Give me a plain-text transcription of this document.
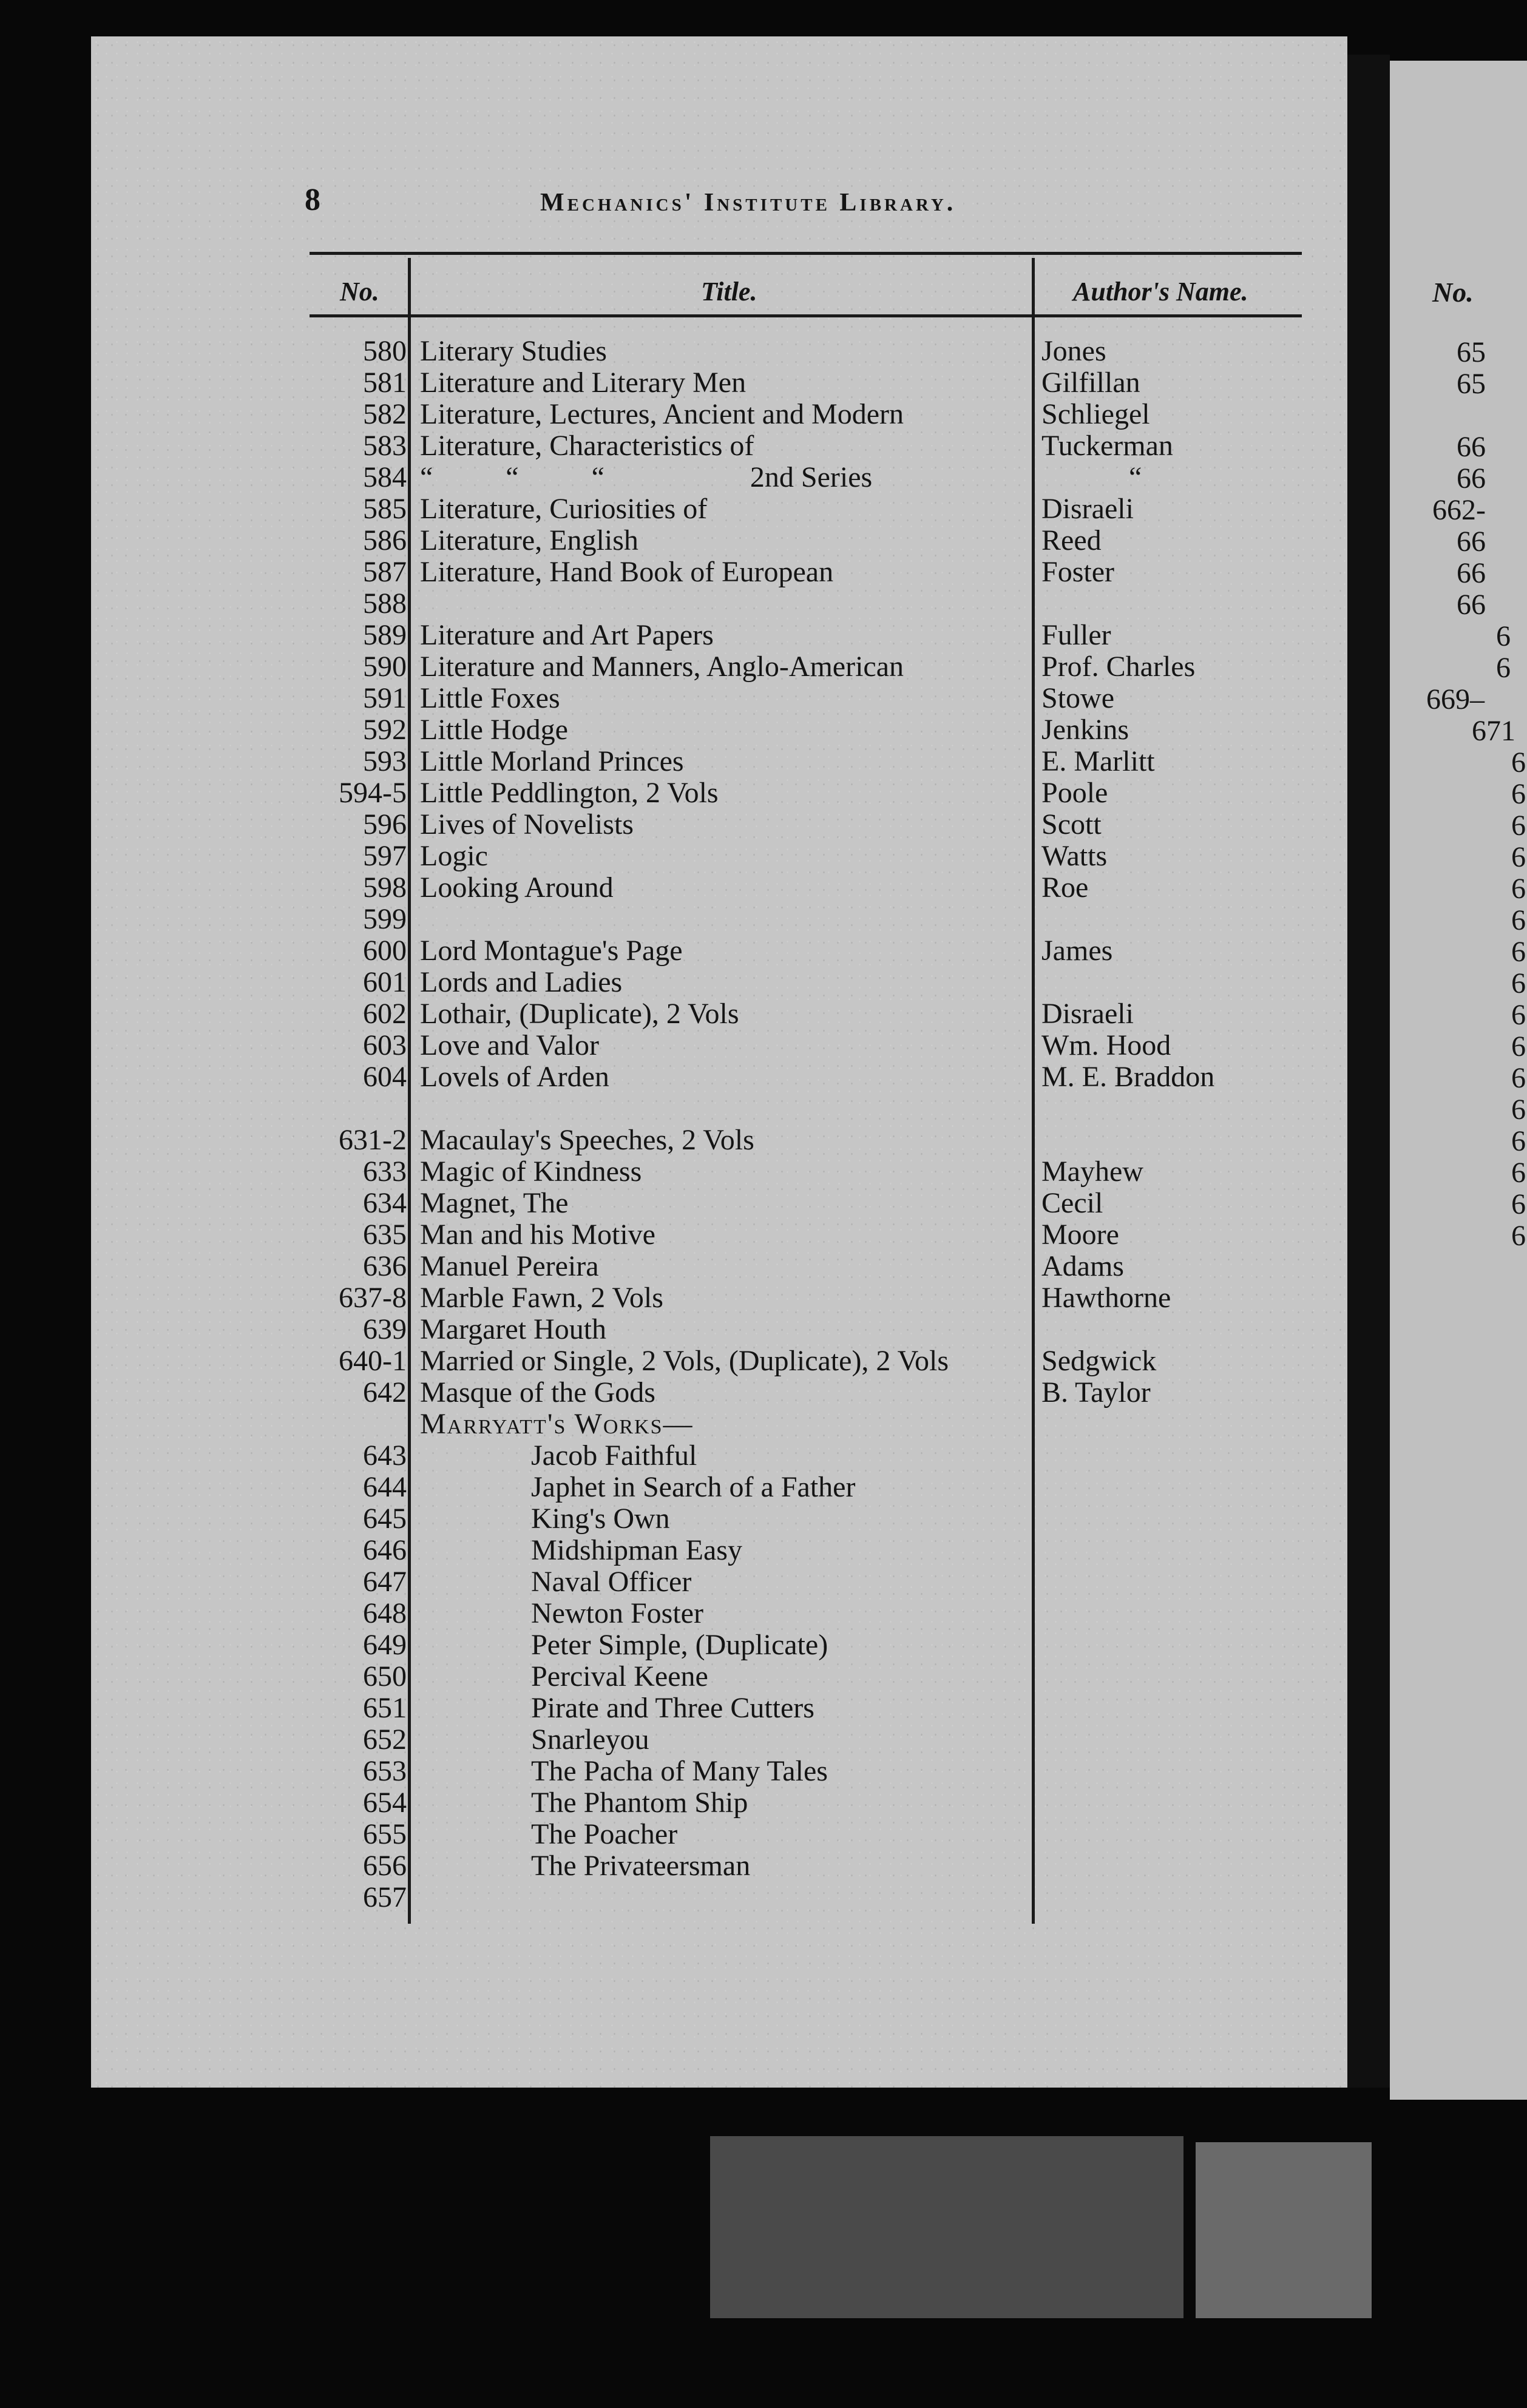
8	Mechanics' Institute Library.
No.	Title.	Author's Name.
580 Literary Studies	Jones
581 Literature and Literary Men	Gilfillan
582 Literature, Lectures, Ancient and Modern	Schliegel
583 Literature, Characteristics of	Tuckerman
584 “          “          “                    2nd Series	“
585 Literature, Curiosities of	Disraeli
586 Literature, English	Reed
587 Literature, Hand Book of European	Foster
588
589 Literature and Art Papers	Fuller
590 Literature and Manners, Anglo-American	Prof. Charles
591 Little Foxes	Stowe
592 Little Hodge	Jenkins
593 Little Morland Princes	E. Marlitt
594-5 Little Peddlington, 2 Vols	Poole
596 Lives of Novelists	Scott
597 Logic	Watts
598 Looking Around	Roe
599
600 Lord Montague's Page	James
601 Lords and Ladies
602 Lothair, (Duplicate), 2 Vols	Disraeli
603 Love and Valor	Wm. Hood
604 Lovels of Arden	M. E. Braddon
631-2 Macaulay's Speeches, 2 Vols
633 Magic of Kindness	Mayhew
634 Magnet, The	Cecil
635 Man and his Motive	Moore
636 Manuel Pereira	Adams
637-8 Marble Fawn, 2 Vols	Hawthorne
639 Margaret Houth
640-1 Married or Single, 2 Vols, (Duplicate), 2 Vols	Sedgwick
642 Masque of the Gods	B. Taylor
Marryatt's Works—
643	Jacob Faithful
644	Japhet in Search of a Father
645	King's Own
646	Midshipman Easy
647	Naval Officer
648	Newton Foster
649	Peter Simple, (Duplicate)
650	Percival Keene
651	Pirate and Three Cutters
652	Snarleyou
653	The Pacha of Many Tales
654	The Phantom Ship
655	The Poacher
656	The Privateersman
657
No.
65
65
66
66
662-
66
66
66
6
6
669–
671
6
6
6
6
6
6
6
6
6
6
6
6
6
6
6
6
